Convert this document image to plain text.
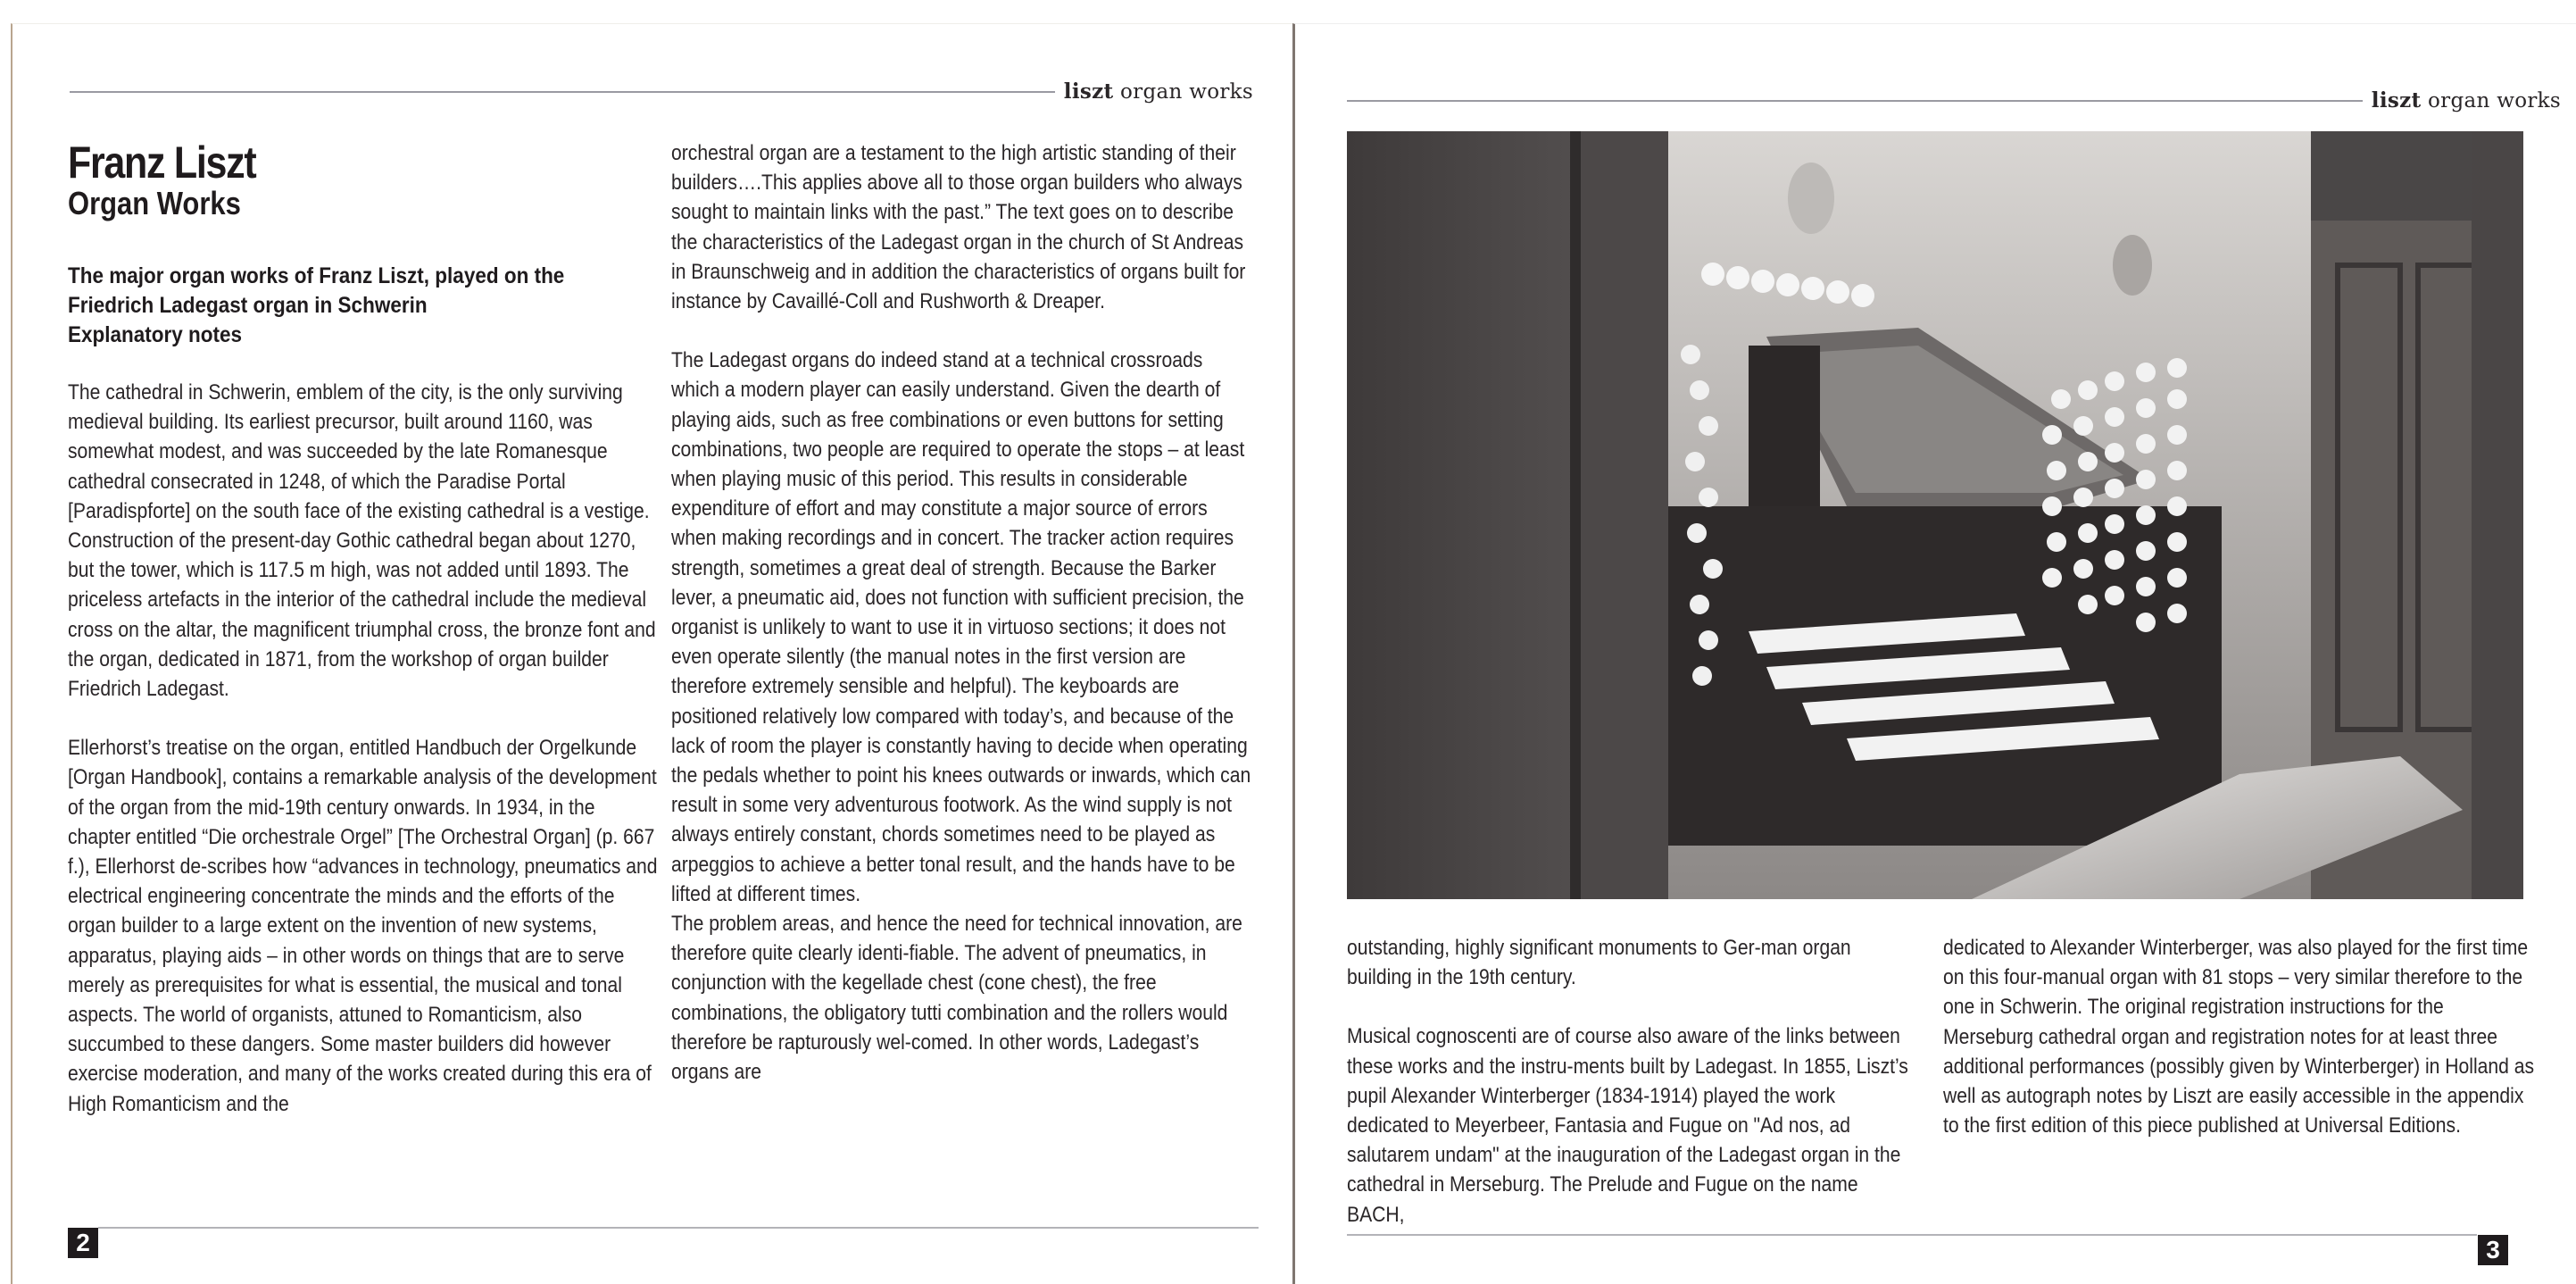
liszt organ works
Franz Liszt
Organ Works
The major organ works of Franz Liszt, played on the
Friedrich Ladegast organ in Schwerin
Explanatory notes

The cathedral in Schwerin, emblem of the city, is the only surviving medieval building. Its earliest precursor, built around 1160, was somewhat modest, and was succeeded by the late Romanesque cathedral consecrated in 1248, of which the Paradise Portal [Paradispforte] on the south face of the existing cathedral is a vestige. Construction of the present-day Gothic cathedral began about 1270, but the tower, which is 117.5 m high, was not added until 1893. The priceless artefacts in the interior of the cathedral include the medieval cross on the altar, the magnificent triumphal cross, the bronze font and the organ, dedicated in 1871, from the workshop of organ builder Friedrich Ladegast.

Ellerhorst’s treatise on the organ, entitled Handbuch der Orgelkunde [Organ Handbook], contains a remarkable analysis of the development of the organ from the mid-19th century onwards. In 1934, in the chapter entitled “Die orchestrale Orgel” [The Orchestral Organ] (p. 667 f.), Ellerhorst de-scribes how “advances in technology, pneumatics and electrical engineering concentrate the minds and the efforts of the organ builder to a large extent on the invention of new systems, apparatus, playing aids – in other words on things that are to serve merely as prerequisites for what is essential, the musical and tonal aspects. The world of organists, attuned to Romanticism, also succumbed to these dangers. Some master builders did however exercise moderation, and many of the works created during this era of High Romanticism and the

orchestral organ are a testament to the high artistic standing of their builders….This applies above all to those organ builders who always sought to maintain links with the past.” The text goes on to describe the characteristics of the Ladegast organ in the church of St Andreas in Braunschweig and in addition the characteristics of organs built for instance by Cavaillé-Coll and Rushworth & Dreaper.

The Ladegast organs do indeed stand at a technical crossroads which a modern player can easily understand. Given the dearth of playing aids, such as free combinations or even buttons for setting combinations, two people are required to operate the stops – at least when playing music of this period. This results in considerable expenditure of effort and may constitute a major source of errors when making recordings and in concert. The tracker action requires strength, sometimes a great deal of strength. Because the Barker lever, a pneumatic aid, does not function with sufficient precision, the organist is unlikely to want to use it in virtuoso sections; it does not even operate silently (the manual notes in the first version are therefore extremely sensible and helpful). The keyboards are positioned relatively low compared with today’s, and because of the lack of room the player is constantly having to decide when operating the pedals whether to point his knees outwards or inwards, which can result in some very adventurous footwork. As the wind supply is not always entirely constant, chords sometimes need to be played as arpeggios to achieve a better tonal result, and the hands have to be lifted at different times.

The problem areas, and hence the need for technical innovation, are therefore quite clearly identi-fiable. The advent of pneumatics, in conjunction with the kegellade chest (cone chest), the free combinations, the obligatory tutti combination and the rollers would therefore be rapturously wel-comed. In other words, Ladegast’s organs are

2
liszt organ works

outstanding, highly significant monuments to Ger-man organ building in the 19th century.

Musical cognoscenti are of course also aware of the links between these works and the instru-ments built by Ladegast. In 1855, Liszt’s pupil Alexander Winterberger (1834-1914) played the work dedicated to Meyerbeer, Fantasia and Fugue on "Ad nos, ad salutarem undam" at the inauguration of the Ladegast organ in the cathedral in Merseburg. The Prelude and Fugue on the name BACH,

dedicated to Alexander Winterberger, was also played for the first time on this four-manual organ with 81 stops – very similar therefore to the one in Schwerin. The original registration instructions for the Merseburg cathedral organ and registration notes for at least three additional performances (possibly given by Winterberger) in Holland as well as autograph notes by Liszt are easily accessible in the appendix to the first edition of this piece published at Universal Editions.

3
